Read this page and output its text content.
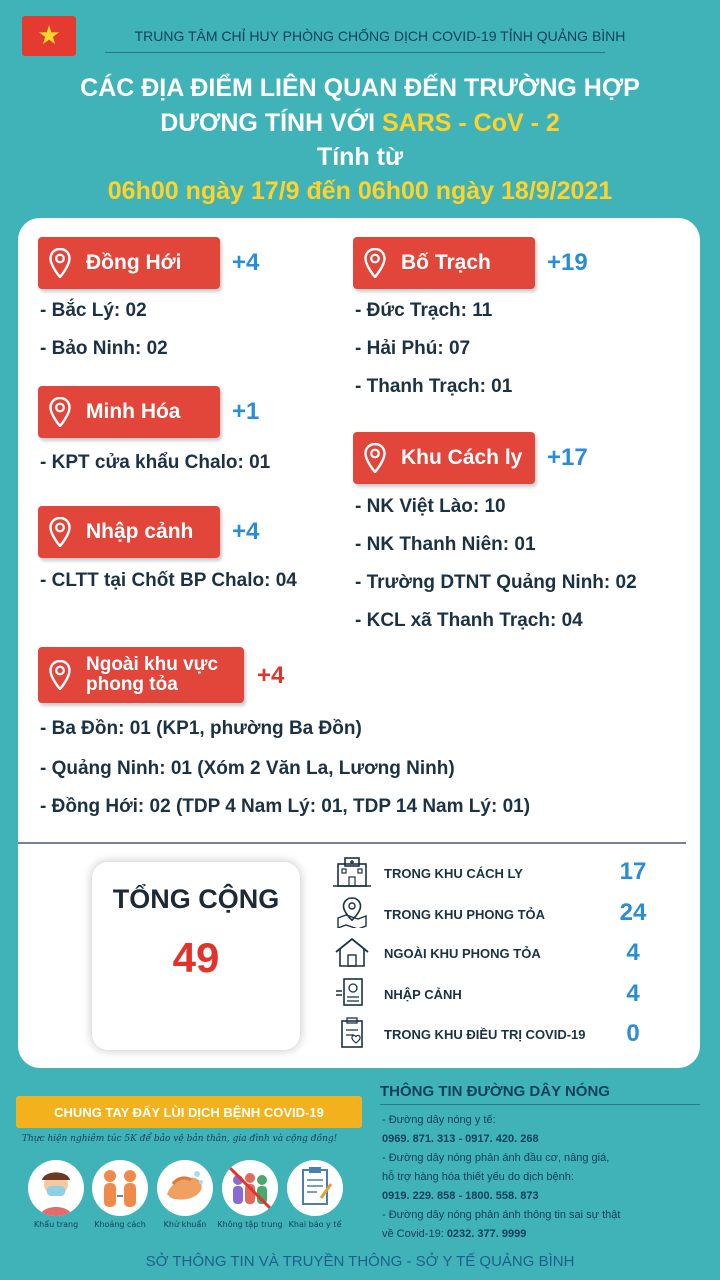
★	TRUNG TÂM CHỈ HUY PHÒNG CHỐNG DỊCH COVID-19 TỈNH QUẢNG BÌNH
CÁC ĐỊA ĐIỂM LIÊN QUAN ĐẾN TRƯỜNG HỢP
DƯƠNG TÍNH VỚI SARS - CoV - 2
Tính từ
06h00 ngày 17/9 đến 06h00 ngày 18/9/2021
Đồng Hới +4
- Bắc Lý: 02
- Bảo Ninh: 02
Minh Hóa +1
- KPT cửa khẩu Chalo: 01
Nhập cảnh +4
- CLTT tại Chốt BP Chalo: 04
Bố Trạch +19
- Đức Trạch: 11
- Hải Phú: 07
- Thanh Trạch: 01
Khu Cách ly +17
- NK Việt Lào: 10
- NK Thanh Niên: 01
- Trường DTNT Quảng Ninh: 02
- KCL xã Thanh Trạch: 04
Ngoài khu vực
phong tỏa	+4
- Ba Đồn: 01 (KP1, phường Ba Đồn)
- Quảng Ninh: 01 (Xóm 2 Văn La, Lương Ninh)
- Đồng Hới: 02 (TDP 4 Nam Lý: 01, TDP 14 Nam Lý: 01)
TỔNG CỘNG
49
TRONG KHU CÁCH LY	17
TRONG KHU PHONG TỎA	24
NGOÀI KHU PHONG TỎA	4
NHẬP CẢNH	4
TRONG KHU ĐIỀU TRỊ COVID-19	0
CHUNG TAY ĐẨY LÙI DỊCH BỆNH COVID-19
Thực hiện nghiêm túc 5K để bảo vệ bản thân, gia đình và cộng đồng!
Khẩu trang	Khoảng cách	Khử khuẩn	Không tập trung Khai báo y tế
THÔNG TIN ĐƯỜNG DÂY NÓNG
- Đường dây nóng y tế:
0969. 871. 313 - 0917. 420. 268
- Đường dây nóng phản ánh đầu cơ, nâng giá,
hỗ trợ hàng hóa thiết yếu do dịch bệnh:
0919. 229. 858 - 1800. 558. 873
- Đường dây nóng phản ánh thông tin sai sự thật
về Covid-19: 0232. 377. 9999
SỞ THÔNG TIN VÀ TRUYỀN THÔNG - SỞ Y TẾ QUẢNG BÌNH
